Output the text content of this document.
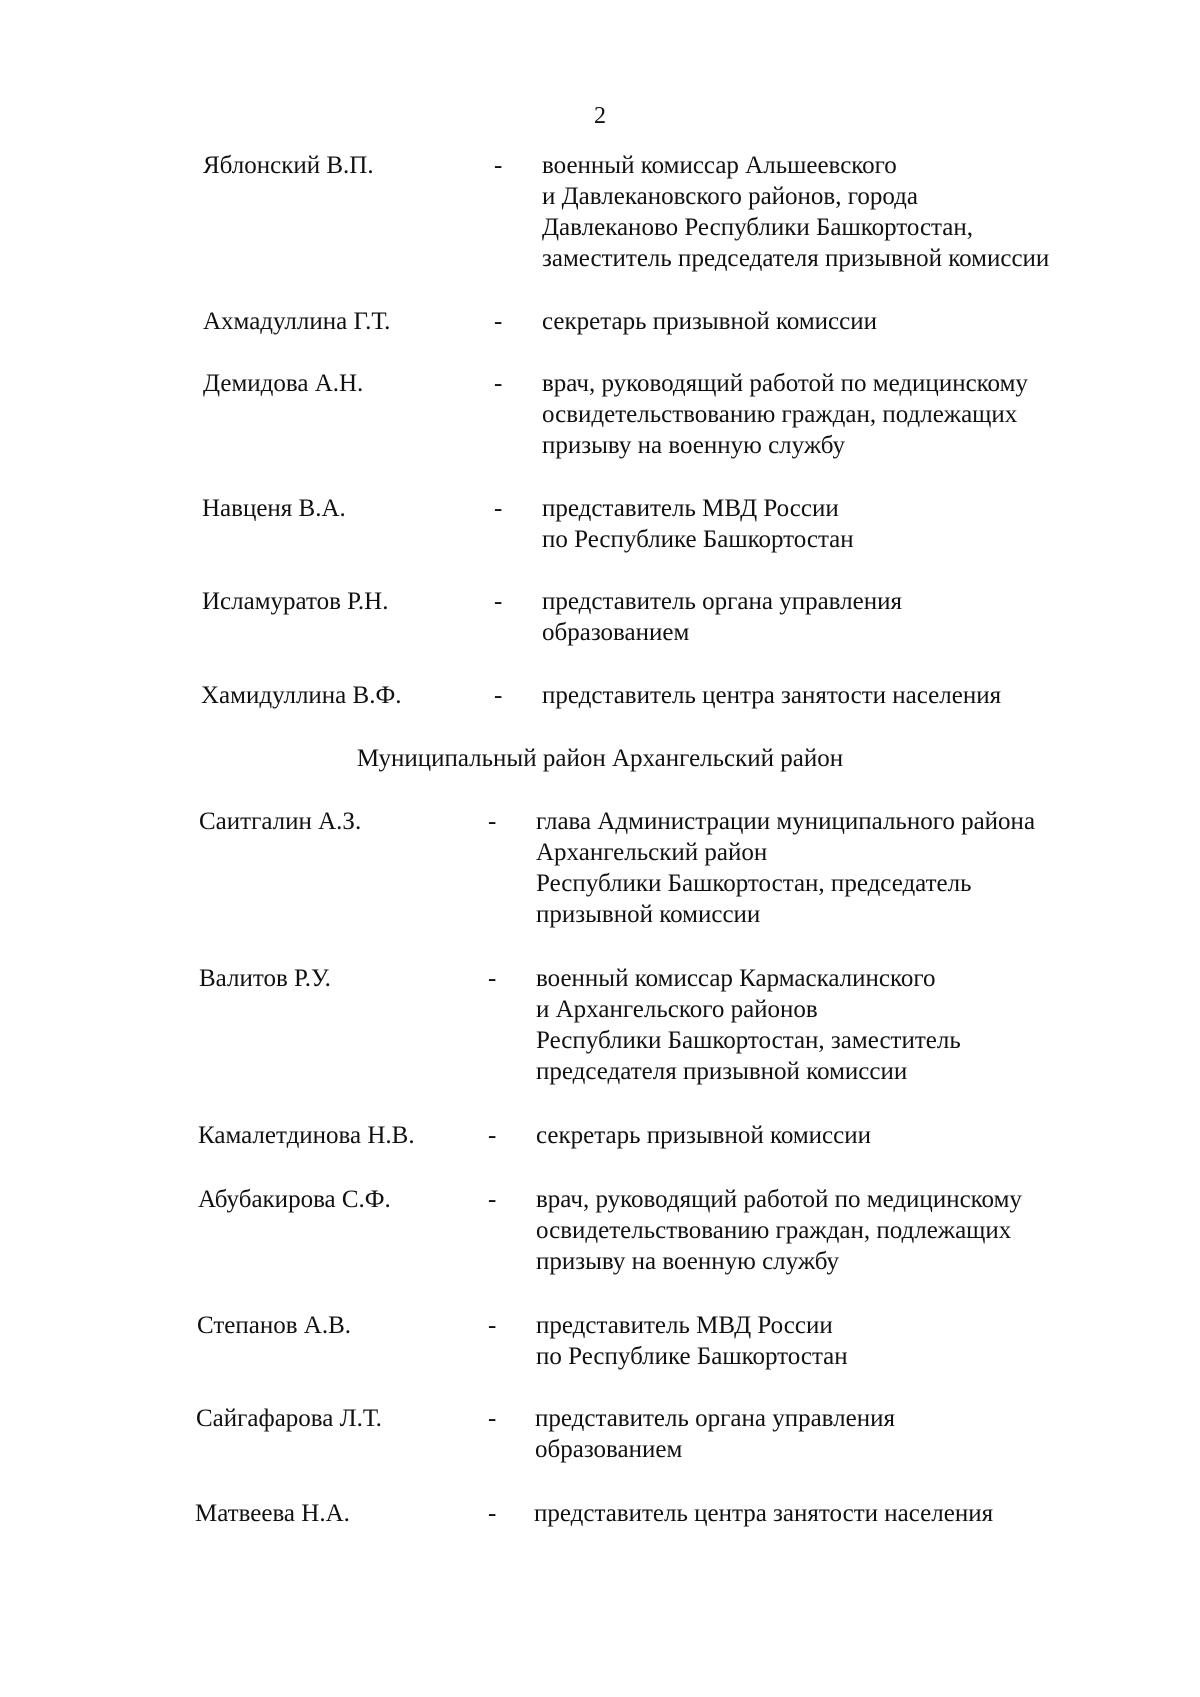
2
Яблонский В.П.	- военный комиссар Альшеевского
и Давлекановского районов, города
Давлеканово Республики Башкортостан,
заместитель председателя призывной комиссии
Ахмадуллина Г.Т.	- секретарь призывной комиссии
Демидова А.Н.	- врач, руководящий работой по медицинскому
освидетельствованию граждан, подлежащих
призыву на военную службу
Навценя В.А.	- представитель МВД России
по Республике Башкортостан
Исламуратов Р.Н.	- представитель органа управления
образованием
Хамидуллина В.Ф.	- представитель центра занятости населения
Муниципальный район Архангельский район
Саитгалин А.З.	- глава Администрации муниципального района
Архангельский район
Республики Башкортостан, председатель
призывной комиссии
Валитов Р.У.	- военный комиссар Кармаскалинского
и Архангельского районов
Республики Башкортостан, заместитель
председателя призывной комиссии
Камалетдинова Н.В.	- секретарь призывной комиссии
Абубакирова С.Ф.	- врач, руководящий работой по медицинскому
освидетельствованию граждан, подлежащих
призыву на военную службу
Степанов А.В.	- представитель МВД России
по Республике Башкортостан
Сайгафарова Л.Т.	- представитель органа управления
образованием
Матвеева Н.А.	- представитель центра занятости населения
